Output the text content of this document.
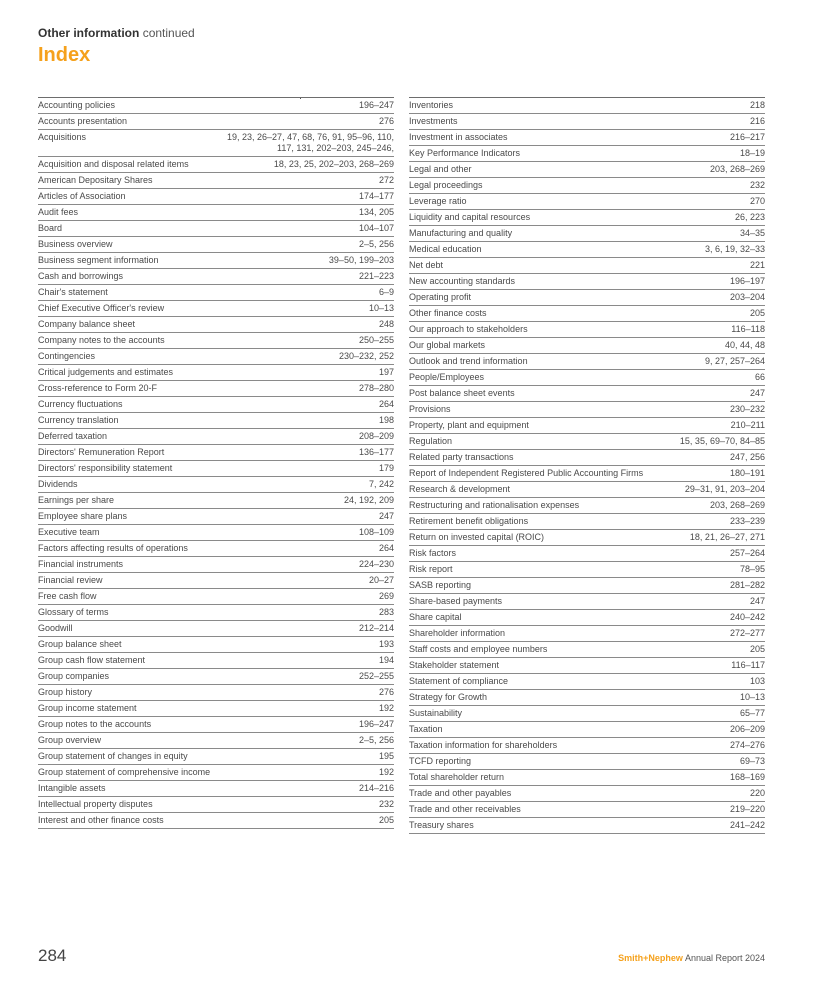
Other information continued
Index
Accounting policies	196–247
Accounts presentation	276
Acquisitions	19, 23, 26–27, 47, 68, 76, 91, 95–96, 110, 117, 131, 202–203, 245–246,
Acquisition and disposal related items	18, 23, 25, 202–203, 268–269
American Depositary Shares	272
Articles of Association	174–177
Audit fees	134, 205
Board	104–107
Business overview	2–5, 256
Business segment information	39–50, 199–203
Cash and borrowings	221–223
Chair's statement	6–9
Chief Executive Officer's review	10–13
Company balance sheet	248
Company notes to the accounts	250–255
Contingencies	230–232, 252
Critical judgements and estimates	197
Cross-reference to Form 20-F	278–280
Currency fluctuations	264
Currency translation	198
Deferred taxation	208–209
Directors' Remuneration Report	136–177
Directors' responsibility statement	179
Dividends	7, 242
Earnings per share	24, 192, 209
Employee share plans	247
Executive team	108–109
Factors affecting results of operations	264
Financial instruments	224–230
Financial review	20–27
Free cash flow	269
Glossary of terms	283
Goodwill	212–214
Group balance sheet	193
Group cash flow statement	194
Group companies	252–255
Group history	276
Group income statement	192
Group notes to the accounts	196–247
Group overview	2–5, 256
Group statement of changes in equity	195
Group statement of comprehensive income	192
Intangible assets	214–216
Intellectual property disputes	232
Interest and other finance costs	205
Inventories	218
Investments	216
Investment in associates	216–217
Key Performance Indicators	18–19
Legal and other	203, 268–269
Legal proceedings	232
Leverage ratio	270
Liquidity and capital resources	26, 223
Manufacturing and quality	34–35
Medical education	3, 6, 19, 32–33
Net debt	221
New accounting standards	196–197
Operating profit	203–204
Other finance costs	205
Our approach to stakeholders	116–118
Our global markets	40, 44, 48
Outlook and trend information	9, 27, 257–264
People/Employees	66
Post balance sheet events	247
Provisions	230–232
Property, plant and equipment	210–211
Regulation	15, 35, 69–70, 84–85
Related party transactions	247, 256
Report of Independent Registered Public Accounting Firms	180–191
Research & development	29–31, 91, 203–204
Restructuring and rationalisation expenses	203, 268–269
Retirement benefit obligations	233–239
Return on invested capital (ROIC)	18, 21, 26–27, 271
Risk factors	257–264
Risk report	78–95
SASB reporting	281–282
Share-based payments	247
Share capital	240–242
Shareholder information	272–277
Staff costs and employee numbers	205
Stakeholder statement	116–117
Statement of compliance	103
Strategy for Growth	10–13
Sustainability	65–77
Taxation	206–209
Taxation information for shareholders	274–276
TCFD reporting	69–73
Total shareholder return	168–169
Trade and other payables	220
Trade and other receivables	219–220
Treasury shares	241–242
284	Smith+Nephew Annual Report 2024
